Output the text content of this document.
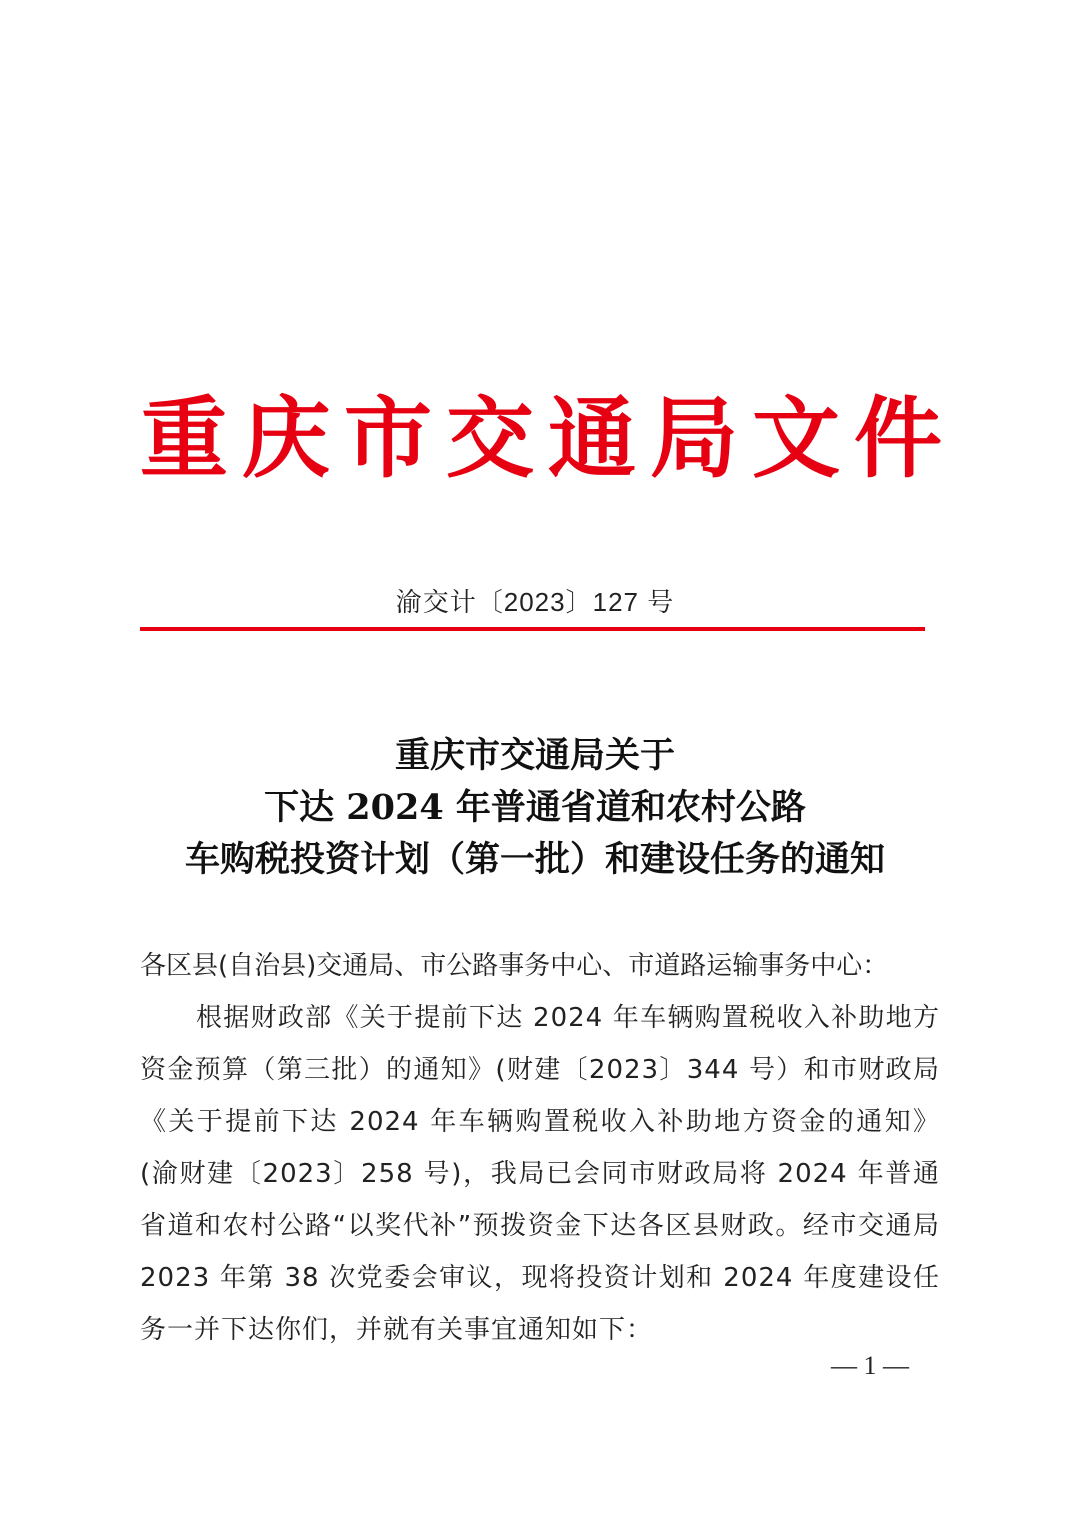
重庆市交通局文件
渝交计〔2023〕127 号
重庆市交通局关于
下达 2024 年普通省道和农村公路
车购税投资计划（第一批）和建设任务的通知
各区县(自治县)交通局、市公路事务中心、市道路运输事务中心：
根据财政部《关于提前下达 2024 年车辆购置税收入补助地方资金预算（第三批）的通知》(财建〔2023〕344 号）和市财政局《关于提前下达 2024 年车辆购置税收入补助地方资金的通知》(渝财建〔2023〕258 号)，我局已会同市财政局将 2024 年普通省道和农村公路“以奖代补”预拨资金下达各区县财政。经市交通局 2023 年第 38 次党委会审议，现将投资计划和 2024 年度建设任务一并下达你们，并就有关事宜通知如下：
— 1 —
